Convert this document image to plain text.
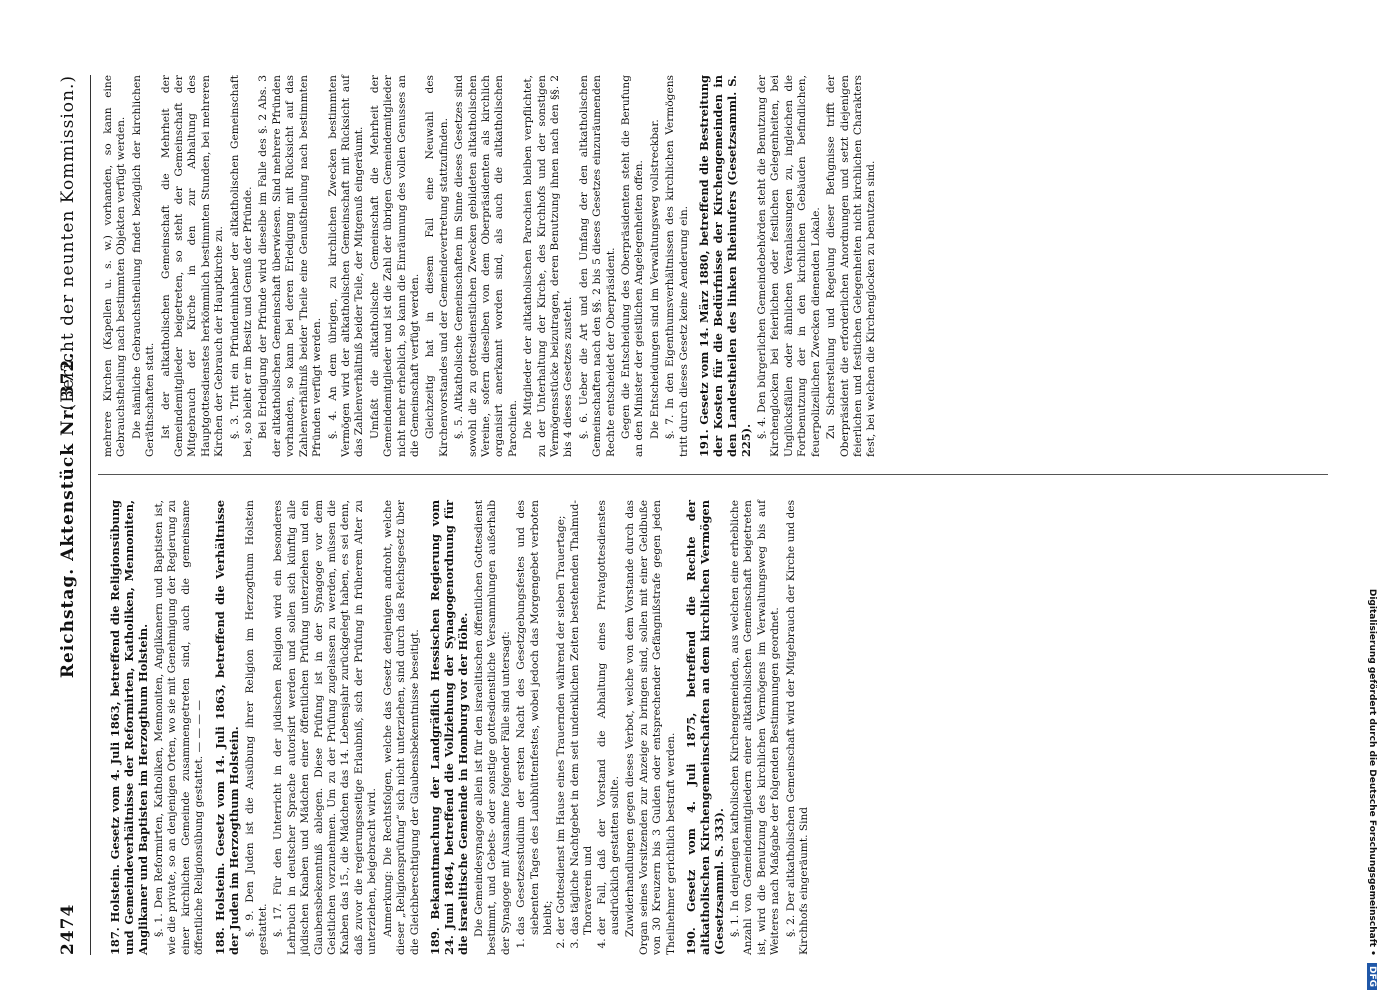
2474
Reichstag. Aktenstück Nr. 372.
(Bericht der neunten Kommission.)
187. Holstein. Gesetz vom 4. Juli 1863, betreffend die Religionsübung und Gemeindeverhältnisse der Reformirten, Katholiken, Mennoniten, Anglikaner und Baptisten im Herzogthum Holstein. §. 1. Den Reformirten, Katholiken, Mennoniten, Anglikanern und Baptisten ist, wie die private, so an denjenigen Orten, wo sie mit Genehmigung der Regierung zu einer kirchlichen Gemeinde zusammengetreten sind, auch die gemeinsame öffentliche Religionsübung gestattet. — — — — 188. Holstein. Gesetz vom 14. Juli 1863, betreffend die Verhältnisse der Juden im Herzogthum Holstein. §. 9. Den Juden ist die Ausübung ihrer Religion im Herzogthum Holstein gestattet. §. 17. Für den Unterricht in der jüdischen Religion wird ein besonderes Lehrbuch in deutscher Sprache autorisirt werden und sollen sich künftig alle jüdischen Knaben und Mädchen einer öffentlichen Prüfung unterziehen und ein Glaubensbekenntniß ablegen. Diese Prüfung ist in der Synagoge vor dem Geistlichen vorzunehmen. Um zu der Prüfung zugelassen zu werden, müssen die Knaben das 15., die Mädchen das 14. Lebensjahr zurückgelegt haben, es sei denn, daß zuvor die regierungsseitige Erlaubniß, sich der Prüfung in früherem Alter zu unterziehen, beigebracht wird. Anmerkung: Die Rechtsfolgen, welche das Gesetz denjenigen androht, welche dieser „Religionsprüfung“ sich nicht unterziehen, sind durch das Reichsgesetz über die Gleichberechtigung der Glaubensbekenntnisse beseitigt. 189. Bekanntmachung der Landgräflich Hessischen Regierung vom 24. Juni 1864, betreffend die Vollziehung der Synagogenordnung für die israelitische Gemeinde in Homburg vor der Höhe. Die Gemeindesynagoge allein ist für den israelitischen öffentlichen Gottesdienst bestimmt, und Gebets- oder sonstige gottesdienstliche Versammlungen außerhalb der Synagoge mit Ausnahme folgender Fälle sind untersagt: 1. das Gesetzesstudium der ersten Nacht des Gesetzgebungsfestes und des siebenten Tages des Laubhüttenfestes, wobei jedoch das Morgengebet verboten bleibt; 2. der Gottesdienst im Hause eines Trauernden während der sieben Trauertage; 3. das tägliche Nachtgebet in dem seit undenklichen Zeiten bestehenden Thalmud-Thoraverein und 4. der Fall, daß der Vorstand die Abhaltung eines Privatgottesdienstes ausdrücklich gestatten sollte. Zuwiderhandlungen gegen dieses Verbot, welche von dem Vorstande durch das Organ seines Vorsitzenden zur Anzeige zu bringen sind, sollen mit einer Geldbuße von 30 Kreuzern bis 3 Gulden oder entsprechender Gefängnißstrafe gegen jeden Theilnehmer gerichtlich bestraft werden. 190. Gesetz vom 4. Juli 1875, betreffend die Rechte der altkatholischen Kirchengemeinschaften an dem kirchlichen Vermögen (Gesetzsamml. S. 333). §. 1. In denjenigen katholischen Kirchengemeinden, aus welchen eine erhebliche Anzahl von Gemeindemitgliedern einer altkatholischen Gemeinschaft beigetreten ist, wird die Benutzung des kirchlichen Vermögens im Verwaltungsweg bis auf Weiteres nach Maßgabe der folgenden Bestimmungen geordnet. §. 2. Der altkatholischen Gemeinschaft wird der Mitgebrauch der Kirche und des Kirchhofs eingeräumt. Sind

mehrere Kirchen (Kapellen u. s. w.) vorhanden, so kann eine Gebrauchstheilung nach bestimmten Objekten verfügt werden. Die nämliche Gebrauchstheilung findet bezüglich der kirchlichen Geräthschaften statt. Ist der altkatholischen Gemeinschaft die Mehrheit der Gemeindemitglieder beigetreten, so steht der Gemeinschaft der Mitgebrauch der Kirche in den zur Abhaltung des Hauptgottesdienstes herkömmlich bestimmten Stunden, bei mehreren Kirchen der Gebrauch der Hauptkirche zu. §. 3. Tritt ein Pfründeninhaber der altkatholischen Gemeinschaft bei, so bleibt er im Besitz und Genuß der Pfründe. Bei Erledigung der Pfründe wird dieselbe im Falle des §. 2 Abs. 3 der altkatholischen Gemeinschaft überwiesen. Sind mehrere Pfründen vorhanden, so kann bei deren Erledigung mit Rücksicht auf das Zahlenverhältniß beider Theile eine Genußtheilung nach bestimmten Pfründen verfügt werden. §. 4. An dem übrigen, zu kirchlichen Zwecken bestimmten Vermögen wird der altkatholischen Gemeinschaft mit Rücksicht auf das Zahlenverhältniß beider Teile, der Mitgenuß eingeräumt. Umfaßt die altkatholische Gemeinschaft die Mehrheit der Gemeindemitglieder und ist die Zahl der übrigen Gemeindemitglieder nicht mehr erheblich, so kann die Einräumung des vollen Genusses an die Gemeinschaft verfügt werden. Gleichzeitig hat in diesem Fall eine Neuwahl des Kirchenvorstandes und der Gemeindevertretung stattzufinden. §. 5. Altkatholische Gemeinschaften im Sinne dieses Gesetzes sind sowohl die zu gottesdienstlichen Zwecken gebildeten altkatholischen Vereine, sofern dieselben von dem Oberpräsidenten als kirchlich organisirt anerkannt worden sind, als auch die altkatholischen Parochien. Die Mitglieder der altkatholischen Parochien bleiben verpflichtet, zu der Unterhaltung der Kirche, des Kirchhofs und der sonstigen Vermögensstücke beizutragen, deren Benutzung ihnen nach den §§. 2 bis 4 dieses Gesetzes zusteht. §. 6. Ueber die Art und den Umfang der den altkatholischen Gemeinschaften nach den §§. 2 bis 5 dieses Gesetzes einzuräumenden Rechte entscheidet der Oberpräsident. Gegen die Entscheidung des Oberpräsidenten steht die Berufung an den Minister der geistlichen Angelegenheiten offen. Die Entscheidungen sind im Verwaltungsweg vollstreckbar. §. 7. In den Eigenthumsverhältnissen des kirchlichen Vermögens tritt durch dieses Gesetz keine Aenderung ein. 191. Gesetz vom 14. März 1880, betreffend die Bestreitung der Kosten für die Bedürfnisse der Kirchengemeinden in den Landestheilen des linken Rheinufers (Gesetzsamml. S. 225).

§. 4. Den bürgerlichen Gemeindebehörden steht die Benutzung der Kirchenglocken bei feierlichen oder festlichen Gelegenheiten, bei Unglücksfällen oder ähnlichen Veranlassungen zu, ingleichen die Fortbenutzung der in den kirchlichen Gebäuden befindlichen, feuerpolizeilichen Zwecken dienenden Lokale. Zu Sicherstellung und Regelung dieser Befugnisse trifft der Oberpräsident die erforderlichen Anordnungen und setzt diejenigen feierlichen und festlichen Gelegenheiten nicht kirchlichen Charakters fest, bei welchen die Kirchenglocken zu benutzen sind.

Digitalisierung gefördert durch die Deutsche Forschungsgemeinschaft • DFG
